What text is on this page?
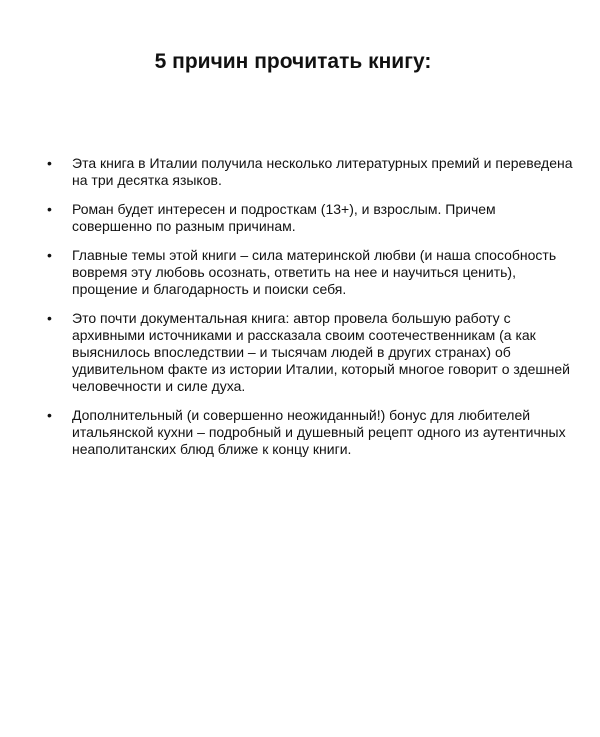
5 причин прочитать книгу:
• Эта книга в Италии получила несколько литературных премий и переведена на три десятка языков.
• Роман будет интересен и подросткам (13+), и взрослым. Причем совершенно по разным причинам.
• Главные темы этой книги – сила материнской любви (и наша способность вовремя эту любовь осознать, ответить на нее и научиться ценить), прощение и благодарность и поиски себя.
• Это почти документальная книга: автор провела большую работу с архивными источниками и рассказала своим соотечественникам (а как выяснилось впоследствии – и тысячам людей в других странах) об удивительном факте из истории Италии, который многое говорит о здешней человечности и силе духа.
• Дополнительный (и совершенно неожиданный!) бонус для любителей итальянской кухни – подробный и душевный рецепт одного из аутентичных неаполитанских блюд ближе к концу книги.
